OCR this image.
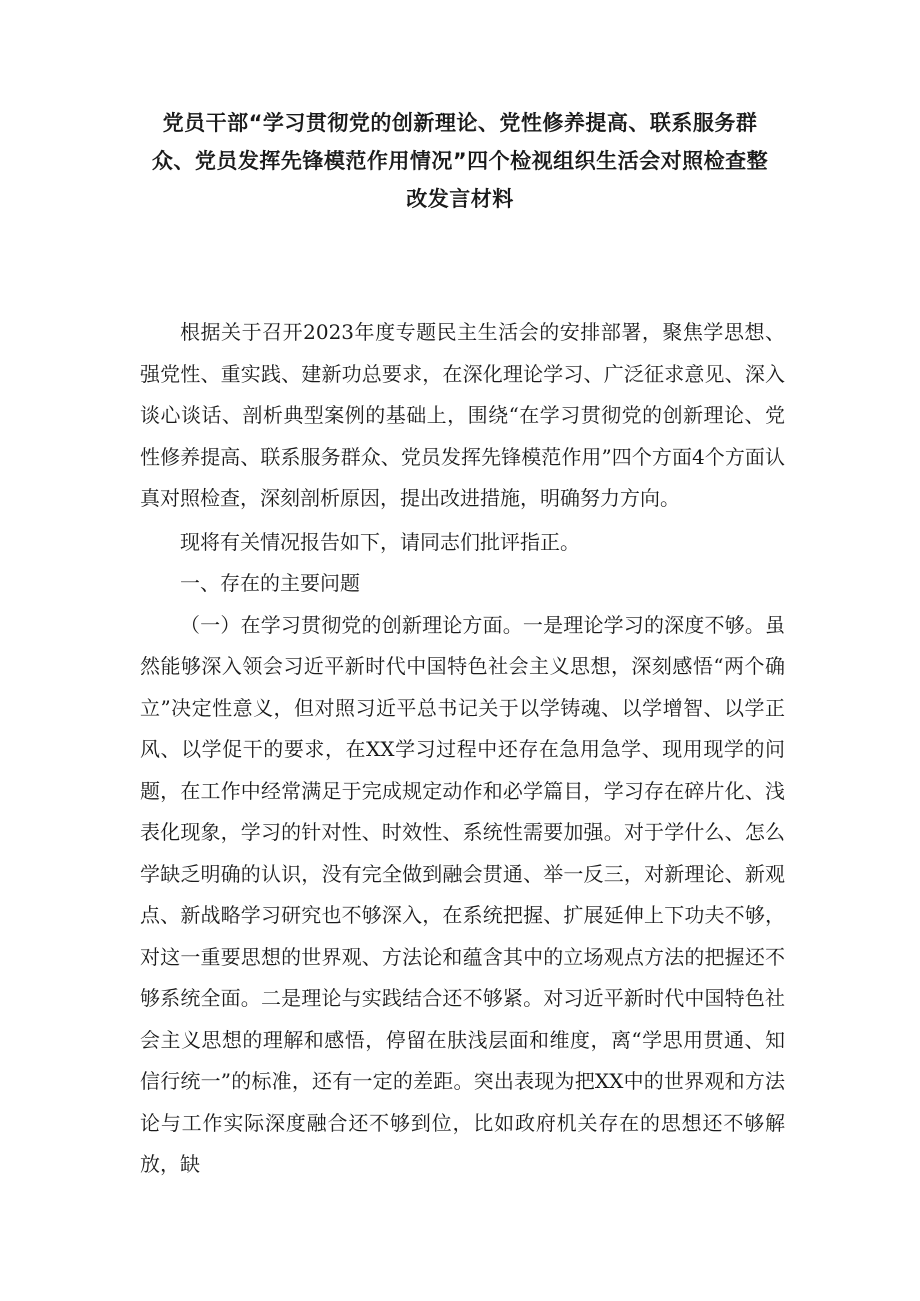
党员干部“学习贯彻党的创新理论、党性修养提高、联系服务群
众、党员发挥先锋模范作用情况”四个检视组织生活会对照检查整
改发言材料

根据关于召开2023年度专题民主生活会的安排部署，聚焦学思想、强党性、重实践、建新功总要求，在深化理论学习、广泛征求意见、深入谈心谈话、剖析典型案例的基础上，围绕“在学习贯彻党的创新理论、党性修养提高、联系服务群众、党员发挥先锋模范作用”四个方面4个方面认真对照检查，深刻剖析原因，提出改进措施，明确努力方向。

现将有关情况报告如下，请同志们批评指正。

一、存在的主要问题

（一）在学习贯彻党的创新理论方面。一是理论学习的深度不够。虽然能够深入领会习近平新时代中国特色社会主义思想，深刻感悟“两个确立”决定性意义，但对照习近平总书记关于以学铸魂、以学增智、以学正风、以学促干的要求，在XX学习过程中还存在急用急学、现用现学的问题，在工作中经常满足于完成规定动作和必学篇目，学习存在碎片化、浅表化现象，学习的针对性、时效性、系统性需要加强。对于学什么、怎么学缺乏明确的认识，没有完全做到融会贯通、举一反三，对新理论、新观点、新战略学习研究也不够深入，在系统把握、扩展延伸上下功夫不够，对这一重要思想的世界观、方法论和蕴含其中的立场观点方法的把握还不够系统全面。二是理论与实践结合还不够紧。对习近平新时代中国特色社会主义思想的理解和感悟，停留在肤浅层面和维度，离“学思用贯通、知信行统一”的标准，还有一定的差距。突出表现为把XX中的世界观和方法论与工作实际深度融合还不够到位，比如政府机关存在的思想还不够解放，缺
